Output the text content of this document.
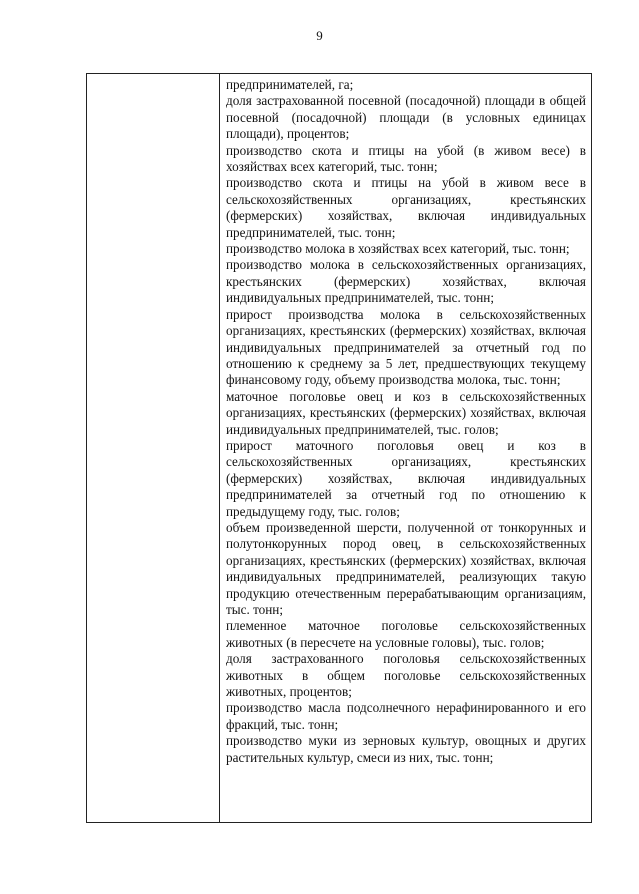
9

предпринимателей, га;

доля застрахованной посевной (посадочной) площади в общей посевной (посадочной) площади (в условных единицах площади), процентов;

производство скота и птицы на убой (в живом весе) в хозяйствах всех категорий, тыс. тонн;

производство скота и птицы на убой в живом весе в сельскохозяйственных организациях, крестьянских (фермерских) хозяйствах, включая индивидуальных предпринимателей, тыс. тонн;

производство молока в хозяйствах всех категорий, тыс. тонн;

производство молока в сельскохозяйственных организациях, крестьянских (фермерских) хозяйствах, включая индивидуальных предпринимателей, тыс. тонн;

прирост производства молока в сельскохозяйственных организациях, крестьянских (фермерских) хозяйствах, включая индивидуальных предпринимателей за отчетный год по отношению к среднему за 5 лет, предшествующих текущему финансовому году, объему производства молока, тыс. тонн;

маточное поголовье овец и коз в сельскохозяйственных организациях, крестьянских (фермерских) хозяйствах, включая индивидуальных предпринимателей, тыс. голов;

прирост маточного поголовья овец и коз в сельскохозяйственных организациях, крестьянских (фермерских) хозяйствах, включая индивидуальных предпринимателей за отчетный год по отношению к предыдущему году, тыс. голов;

объем произведенной шерсти, полученной от тонкорунных и полутонкорунных пород овец, в сельскохозяйственных организациях, крестьянских (фермерских) хозяйствах, включая индивидуальных предпринимателей, реализующих такую продукцию отечественным перерабатывающим организациям, тыс. тонн;

племенное маточное поголовье сельскохозяйственных животных (в пересчете на условные головы), тыс. голов;

доля застрахованного поголовья сельскохозяйственных животных в общем поголовье сельскохозяйственных животных, процентов;

производство масла подсолнечного нерафинированного и его фракций, тыс. тонн;

производство муки из зерновых культур, овощных и других растительных культур, смеси из них, тыс. тонн;
